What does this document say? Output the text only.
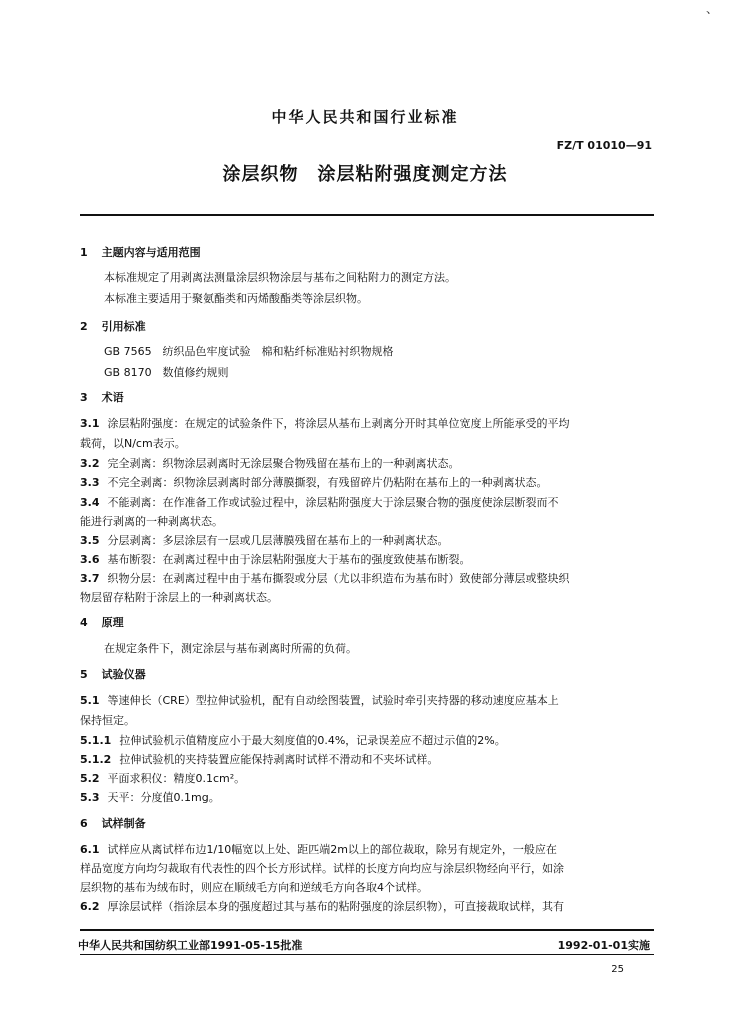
、
中华人民共和国行业标准
FZ/T 01010—91
涂层织物　涂层粘附强度测定方法
1 主题内容与适用范围
本标准规定了用剥离法测量涂层织物涂层与基布之间粘附力的测定方法。
本标准主要适用于聚氨酯类和丙烯酸酯类等涂层织物。
2 引用标准
GB 7565　纺织品色牢度试验　棉和粘纤标准贴衬织物规格
GB 8170　数值修约规则
3 术语
3.1 涂层粘附强度：在规定的试验条件下，将涂层从基布上剥离分开时其单位宽度上所能承受的平均
载荷，以N/cm表示。
3.2 完全剥离：织物涂层剥离时无涂层聚合物残留在基布上的一种剥离状态。
3.3 不完全剥离：织物涂层剥离时部分薄膜撕裂，有残留碎片仍粘附在基布上的一种剥离状态。
3.4 不能剥离：在作准备工作或试验过程中，涂层粘附强度大于涂层聚合物的强度使涂层断裂而不
能进行剥离的一种剥离状态。
3.5 分层剥离：多层涂层有一层或几层薄膜残留在基布上的一种剥离状态。
3.6 基布断裂：在剥离过程中由于涂层粘附强度大于基布的强度致使基布断裂。
3.7 织物分层：在剥离过程中由于基布撕裂或分层（尤以非织造布为基布时）致使部分薄层或整块织
物层留存粘附于涂层上的一种剥离状态。
4 原理
在规定条件下，测定涂层与基布剥离时所需的负荷。
5 试验仪器
5.1 等速伸长（CRE）型拉伸试验机，配有自动绘图装置，试验时牵引夹持器的移动速度应基本上
保持恒定。
5.1.1 拉伸试验机示值精度应小于最大刻度值的0.4%，记录误差应不超过示值的2%。
5.1.2 拉伸试验机的夹持装置应能保持剥离时试样不滑动和不夹坏试样。
5.2 平面求积仪：精度0.1cm²。
5.3 天平：分度值0.1mg。
6 试样制备
6.1 试样应从离试样布边1/10幅宽以上处、距匹端2m以上的部位裁取，除另有规定外，一般应在
样品宽度方向均匀裁取有代表性的四个长方形试样。试样的长度方向均应与涂层织物经向平行，如涂
层织物的基布为绒布时，则应在顺绒毛方向和逆绒毛方向各取4个试样。
6.2 厚涂层试样（指涂层本身的强度超过其与基布的粘附强度的涂层织物），可直接裁取试样，其有
中华人民共和国纺织工业部1991-05-15批准	1992-01-01实施
25
